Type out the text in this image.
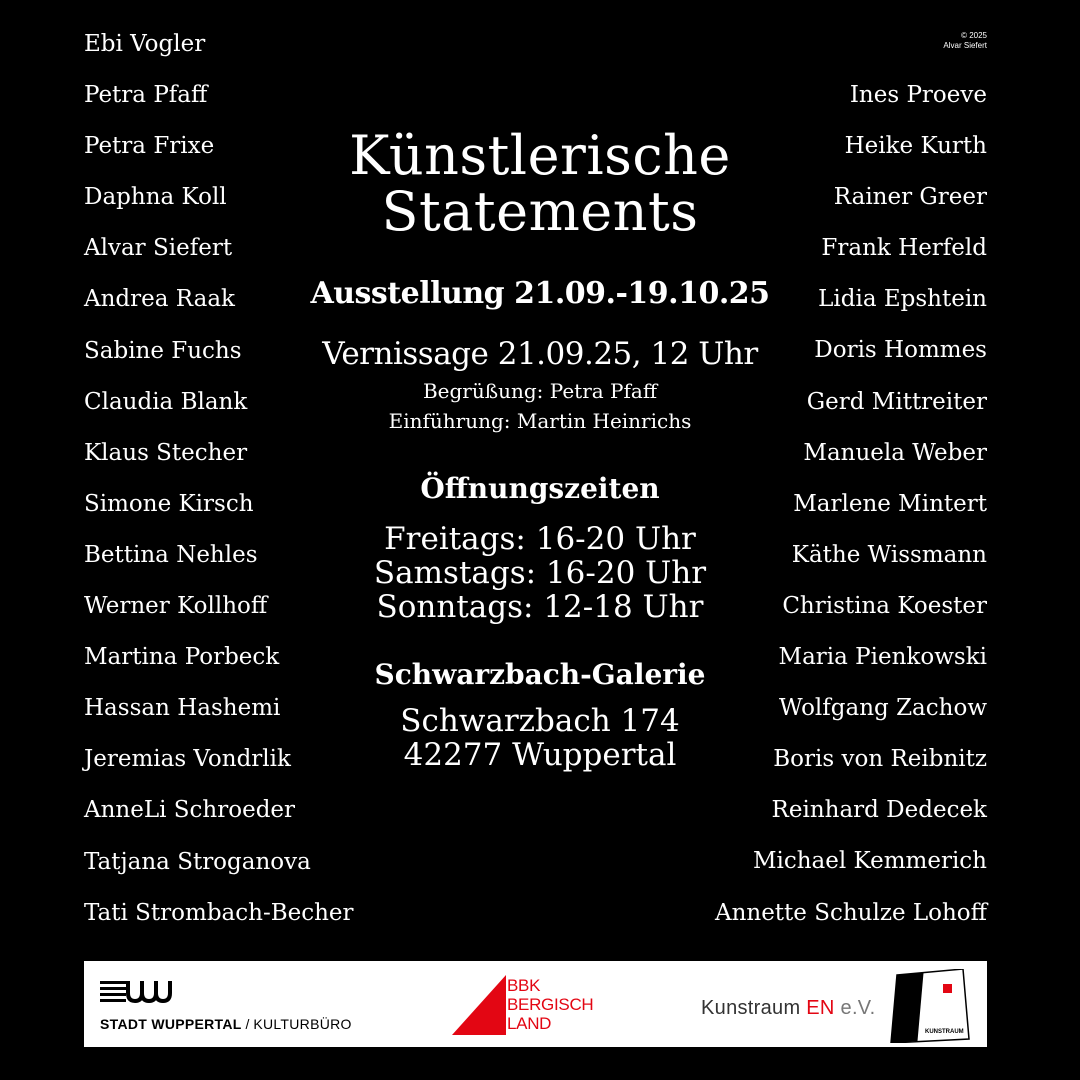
© 2025
Alvar Siefert
Ebi Vogler
Petra Pfaff
Petra Frixe
Daphna Koll
Alvar Siefert
Andrea Raak
Sabine Fuchs
Claudia Blank
Klaus Stecher
Simone Kirsch
Bettina Nehles
Werner Kollhoff
Martina Porbeck
Hassan Hashemi
Jeremias Vondrlik
AnneLi Schroeder
Tatjana Stroganova
Tati Strombach-Becher
Ines Proeve
Heike Kurth
Rainer Greer
Frank Herfeld
Lidia Epshtein
Doris Hommes
Gerd Mittreiter
Manuela Weber
Marlene Mintert
Käthe Wissmann
Christina Koester
Maria Pienkowski
Wolfgang Zachow
Boris von Reibnitz
Reinhard Dedecek
Michael Kemmerich
Annette Schulze Lohoff
Künstlerische
Statements
Ausstellung 21.09.-19.10.25
Vernissage 21.09.25, 12 Uhr
Begrüßung: Petra Pfaff
Einführung: Martin Heinrichs
Öffnungszeiten
Freitags: 16-20 Uhr
Samstags: 16-20 Uhr
Sonntags: 12-18 Uhr
Schwarzbach-Galerie
Schwarzbach 174
42277 Wuppertal
STADT WUPPERTAL / KULTURBÜRO
BBK
BERGISCH
LAND
Kunstraum EN e.V.
KUNSTRAUM
